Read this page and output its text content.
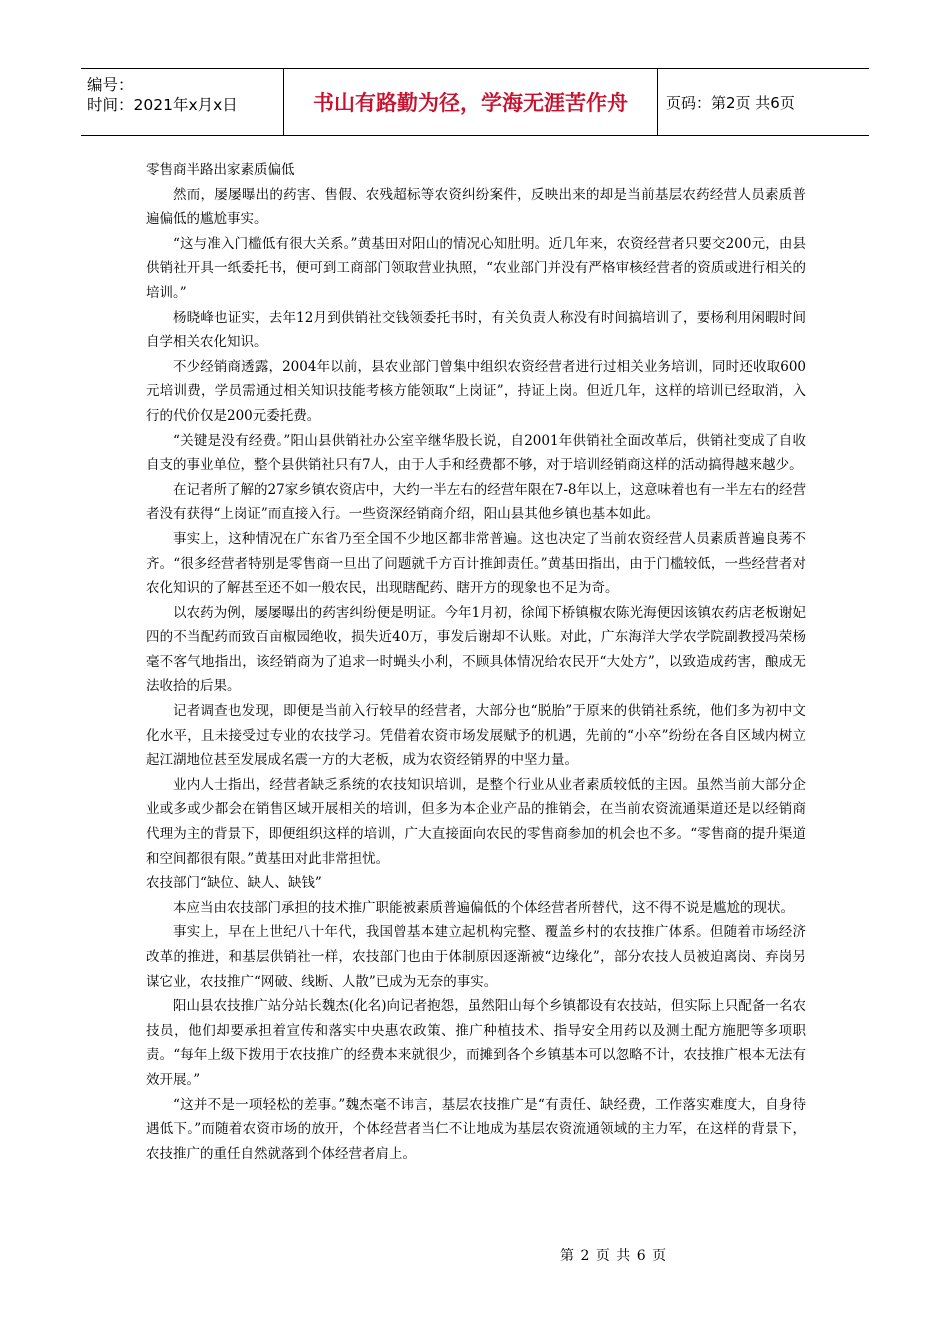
编号：
时间：2021年x月x日	书山有路勤为径，学海无涯苦作舟	页码：第2页 共6页

零售商半路出家素质偏低

然而，屡屡曝出的药害、售假、农残超标等农资纠纷案件，反映出来的却是当前基层农药经营人员素质普遍偏低的尴尬事实。

“这与准入门槛低有很大关系。”黄基田对阳山的情况心知肚明。近几年来，农资经营者只要交200元，由县供销社开具一纸委托书，便可到工商部门领取营业执照，“农业部门并没有严格审核经营者的资质或进行相关的培训。”

杨晓峰也证实，去年12月到供销社交钱领委托书时，有关负责人称没有时间搞培训了，要杨利用闲暇时间自学相关农化知识。

不少经销商透露，2004年以前，县农业部门曾集中组织农资经营者进行过相关业务培训，同时还收取600元培训费，学员需通过相关知识技能考核方能领取“上岗证”，持证上岗。但近几年，这样的培训已经取消，入行的代价仅是200元委托费。

“关键是没有经费。”阳山县供销社办公室辛继华股长说，自2001年供销社全面改革后，供销社变成了自收自支的事业单位，整个县供销社只有7人，由于人手和经费都不够，对于培训经销商这样的活动搞得越来越少。

在记者所了解的27家乡镇农资店中，大约一半左右的经营年限在7-8年以上，这意味着也有一半左右的经营者没有获得“上岗证”而直接入行。一些资深经销商介绍，阳山县其他乡镇也基本如此。

事实上，这种情况在广东省乃至全国不少地区都非常普遍。这也决定了当前农资经营人员素质普遍良莠不齐。“很多经营者特别是零售商一旦出了问题就千方百计推卸责任。”黄基田指出，由于门槛较低，一些经营者对农化知识的了解甚至还不如一般农民，出现瞎配药、瞎开方的现象也不足为奇。

以农药为例，屡屡曝出的药害纠纷便是明证。今年1月初，徐闻下桥镇椒农陈光海便因该镇农药店老板谢妃四的不当配药而致百亩椒园绝收，损失近40万，事发后谢却不认账。对此，广东海洋大学农学院副教授冯荣杨毫不客气地指出，该经销商为了追求一时蝇头小利，不顾具体情况给农民开“大处方”，以致造成药害，酿成无法收拾的后果。

记者调查也发现，即便是当前入行较早的经营者，大部分也“脱胎”于原来的供销社系统，他们多为初中文化水平，且未接受过专业的农技学习。凭借着农资市场发展赋予的机遇，先前的“小卒”纷纷在各自区域内树立起江湖地位甚至发展成名震一方的大老板，成为农资经销界的中坚力量。

业内人士指出，经营者缺乏系统的农技知识培训，是整个行业从业者素质较低的主因。虽然当前大部分企业或多或少都会在销售区域开展相关的培训，但多为本企业产品的推销会，在当前农资流通渠道还是以经销商代理为主的背景下，即便组织这样的培训，广大直接面向农民的零售商参加的机会也不多。“零售商的提升渠道和空间都很有限。”黄基田对此非常担忧。

农技部门“缺位、缺人、缺钱”

本应当由农技部门承担的技术推广职能被素质普遍偏低的个体经营者所替代，这不得不说是尴尬的现状。

事实上，早在上世纪八十年代，我国曾基本建立起机构完整、覆盖乡村的农技推广体系。但随着市场经济改革的推进，和基层供销社一样，农技部门也由于体制原因逐渐被“边缘化”，部分农技人员被迫离岗、弃岗另谋它业，农技推广“网破、线断、人散”已成为无奈的事实。

阳山县农技推广站分站长魏杰(化名)向记者抱怨，虽然阳山每个乡镇都设有农技站，但实际上只配备一名农技员，他们却要承担着宣传和落实中央惠农政策、推广种植技术、指导安全用药以及测土配方施肥等多项职责。“每年上级下拨用于农技推广的经费本来就很少，而摊到各个乡镇基本可以忽略不计，农技推广根本无法有效开展。”

“这并不是一项轻松的差事。”魏杰毫不讳言，基层农技推广是“有责任、缺经费，工作落实难度大，自身待遇低下。”而随着农资市场的放开，个体经营者当仁不让地成为基层农资流通领域的主力军，在这样的背景下，农技推广的重任自然就落到个体经营者肩上。

第 2 页 共 6 页
